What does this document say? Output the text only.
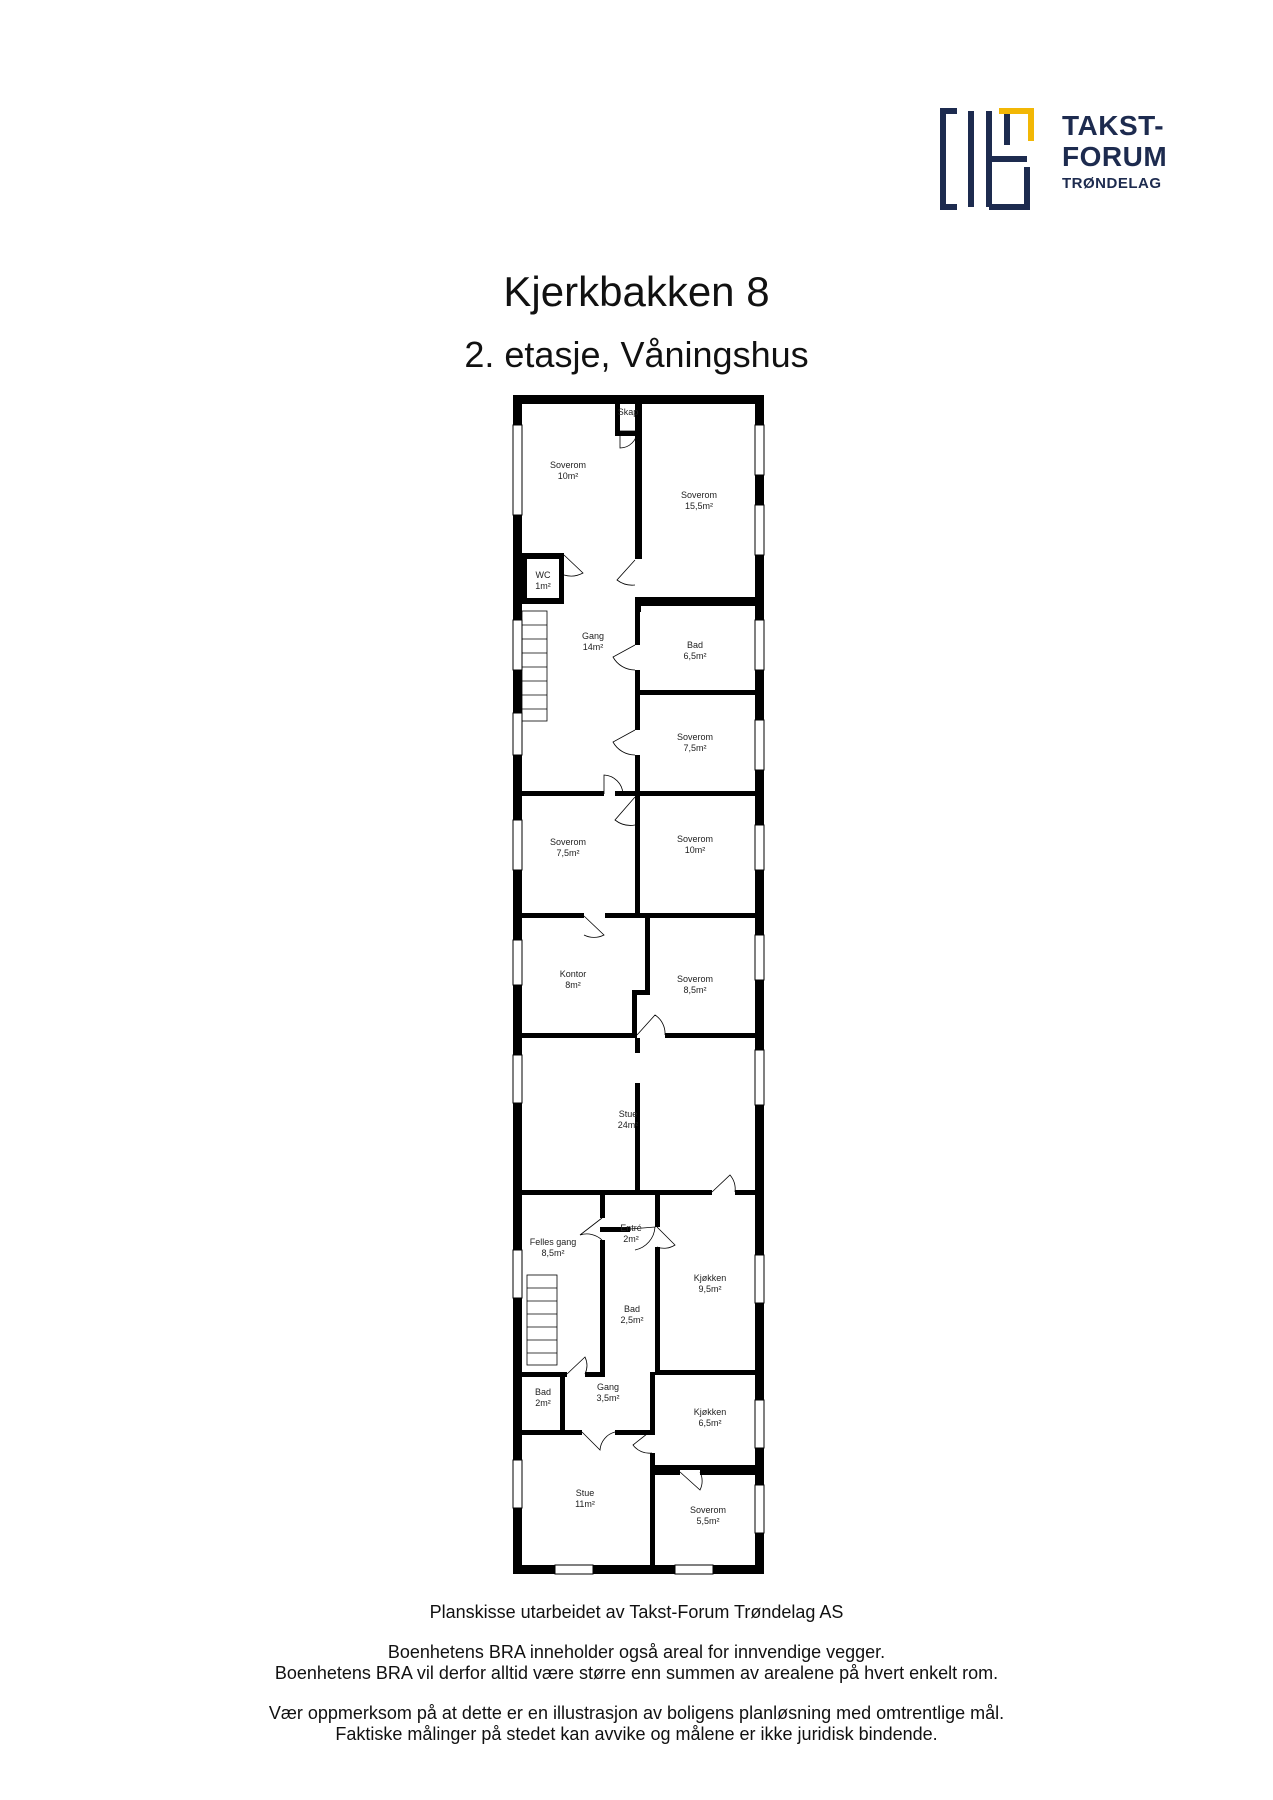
TAKST-
FORUM
TRØNDELAG
Kjerkbakken 8
2. etasje, Våningshus
Skap
Soverom
10m²
Soverom
15,5m²
WC
1m²
Gang
14m²	Bad
6,5m²
Soverom
7,5m²
Soverom
7,5m²
Soverom
10m²
Kontor
8m²
Soverom
8,5m²
Stue
24m²
Felles gang
8,5m²
Entré
2m²
Kjøkken
9,5m²
Bad
2,5m²
Bad
2m²
Gang
3,5m²
Kjøkken
6,5m²
Stue
11m²
Soverom
5,5m²
Planskisse utarbeidet av Takst-Forum Trøndelag AS
Boenhetens BRA inneholder også areal for innvendige vegger.
Boenhetens BRA vil derfor alltid være større enn summen av arealene på hvert enkelt rom.
Vær oppmerksom på at dette er en illustrasjon av boligens planløsning med omtrentlige mål.
Faktiske målinger på stedet kan avvike og målene er ikke juridisk bindende.
